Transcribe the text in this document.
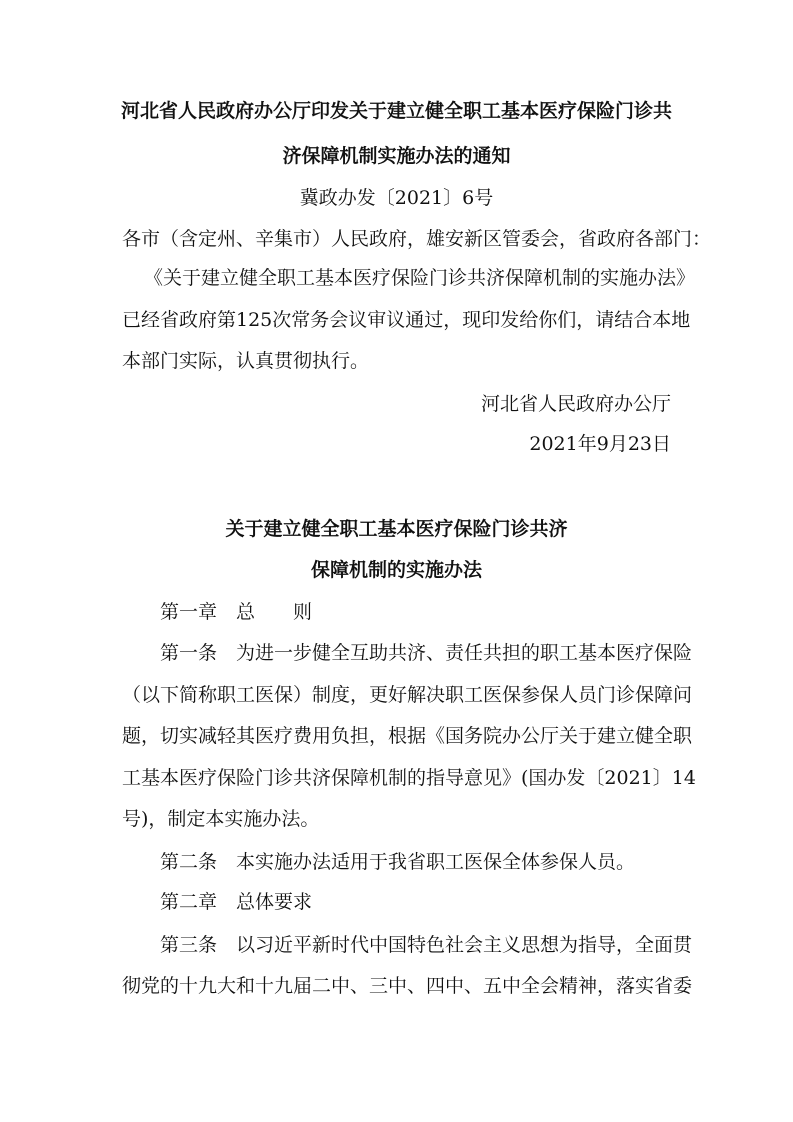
河北省人民政府办公厅印发关于建立健全职工基本医疗保险门诊共
济保障机制实施办法的通知
冀政办发〔2021〕6号
各市（含定州、辛集市）人民政府，雄安新区管委会，省政府各部门：
《关于建立健全职工基本医疗保险门诊共济保障机制的实施办法》
已经省政府第125次常务会议审议通过，现印发给你们，请结合本地
本部门实际，认真贯彻执行。
河北省人民政府办公厅
2021年9月23日
关于建立健全职工基本医疗保险门诊共济
保障机制的实施办法
第一章　总　　则
第一条　为进一步健全互助共济、责任共担的职工基本医疗保险
（以下简称职工医保）制度，更好解决职工医保参保人员门诊保障问
题，切实减轻其医疗费用负担，根据《国务院办公厅关于建立健全职
工基本医疗保险门诊共济保障机制的指导意见》(国办发〔2021〕14
号)，制定本实施办法。
第二条　本实施办法适用于我省职工医保全体参保人员。
第二章　总体要求
第三条　以习近平新时代中国特色社会主义思想为指导，全面贯
彻党的十九大和十九届二中、三中、四中、五中全会精神，落实省委
